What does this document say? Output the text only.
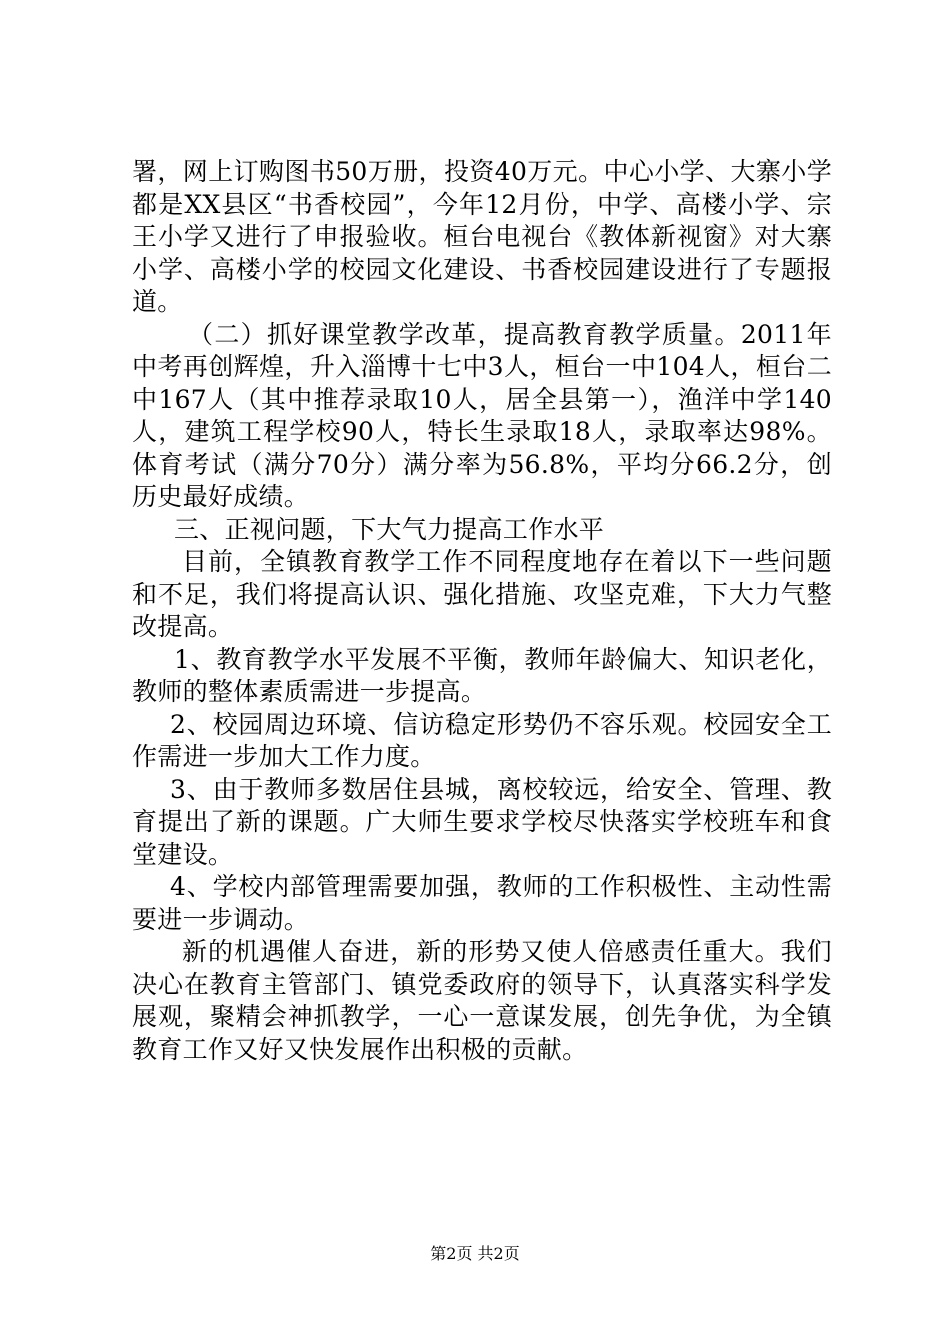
署，网上订购图书50万册，投资40万元。中心小学、大寨小学都是XX县区“书香校园”，今年12月份，中学、高楼小学、宗王小学又进行了申报验收。桓台电视台《教体新视窗》对大寨小学、高楼小学的校园文化建设、书香校园建设进行了专题报道。

（二）抓好课堂教学改革，提高教育教学质量。2011年中考再创辉煌，升入淄博十七中3人，桓台一中104人，桓台二中167人（其中推荐录取10人，居全县第一），渔洋中学140人，建筑工程学校90人，特长生录取18人，录取率达98%。体育考试（满分70分）满分率为56.8%，平均分66.2分，创历史最好成绩。

三、正视问题，下大气力提高工作水平

目前，全镇教育教学工作不同程度地存在着以下一些问题和不足，我们将提高认识、强化措施、攻坚克难，下大力气整改提高。

1、教育教学水平发展不平衡，教师年龄偏大、知识老化，教师的整体素质需进一步提高。

2、校园周边环境、信访稳定形势仍不容乐观。校园安全工作需进一步加大工作力度。

3、由于教师多数居住县城，离校较远，给安全、管理、教育提出了新的课题。广大师生要求学校尽快落实学校班车和食堂建设。

4、学校内部管理需要加强，教师的工作积极性、主动性需要进一步调动。

新的机遇催人奋进，新的形势又使人倍感责任重大。我们决心在教育主管部门、镇党委政府的领导下，认真落实科学发展观，聚精会神抓教学，一心一意谋发展，创先争优，为全镇教育工作又好又快发展作出积极的贡献。

第2页 共2页
